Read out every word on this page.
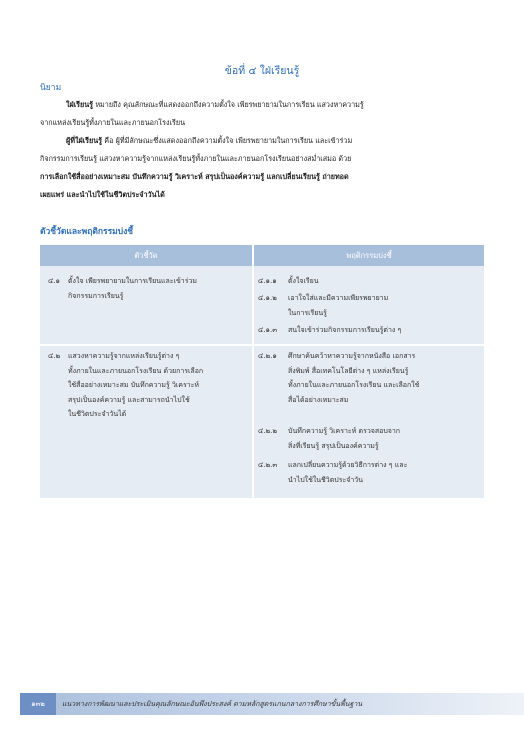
ข้อที่ ๔ ใฝ่เรียนรู้
นิยาม
ใฝ่เรียนรู้ หมายถึง คุณลักษณะที่แสดงออกถึงความตั้งใจ เพียรพยายามในการเรียน แสวงหาความรู้
จากแหล่งเรียนรู้ทั้งภายในและภายนอกโรงเรียน
ผู้ที่ใฝ่เรียนรู้ คือ ผู้ที่มีลักษณะซึ่งแสดงออกถึงความตั้งใจ เพียรพยายามในการเรียน และเข้าร่วม
กิจกรรมการเรียนรู้ แสวงหาความรู้จากแหล่งเรียนรู้ทั้งภายในและภายนอกโรงเรียนอย่างสม่ำเสมอ ด้วย
การเลือกใช้สื่ออย่างเหมาะสม บันทึกความรู้ วิเคราะห์ สรุปเป็นองค์ความรู้ แลกเปลี่ยนเรียนรู้ ถ่ายทอด
เผยแพร่ และนำไปใช้ในชีวิตประจำวันได้
ตัวชี้วัดและพฤติกรรมบ่งชี้
ตัวชี้วัด	พฤติกรรมบ่งชี้
๔.๑ ตั้งใจ เพียรพยายามในการเรียนและเข้าร่วม
กิจกรรมการเรียนรู้
๔.๑.๑ ตั้งใจเรียน
๔.๑.๒ เอาใจใส่และมีความเพียรพยายาม
ในการเรียนรู้
๔.๑.๓ สนใจเข้าร่วมกิจกรรมการเรียนรู้ต่าง ๆ
๔.๒ แสวงหาความรู้จากแหล่งเรียนรู้ต่าง ๆ
ทั้งภายในและภายนอกโรงเรียน ด้วยการเลือก
ใช้สื่ออย่างเหมาะสม บันทึกความรู้ วิเคราะห์
สรุปเป็นองค์ความรู้ และสามารถนำไปใช้
ในชีวิตประจำวันได้
๔.๒.๑ ศึกษาค้นคว้าหาความรู้จากหนังสือ เอกสาร
สิ่งพิมพ์ สื่อเทคโนโลยีต่าง ๆ แหล่งเรียนรู้
ทั้งภายในและภายนอกโรงเรียน และเลือกใช้
สื่อได้อย่างเหมาะสม
๔.๒.๒ บันทึกความรู้ วิเคราะห์ ตรวจสอบจาก
สิ่งที่เรียนรู้ สรุปเป็นองค์ความรู้
๔.๒.๓ แลกเปลี่ยนความรู้ด้วยวิธีการต่าง ๆ และ
นำไปใช้ในชีวิตประจำวัน
๑๓๒	แนวทางการพัฒนาและประเมินคุณลักษณะอันพึงประสงค์ ตามหลักสูตรแกนกลางการศึกษาขั้นพื้นฐาน
